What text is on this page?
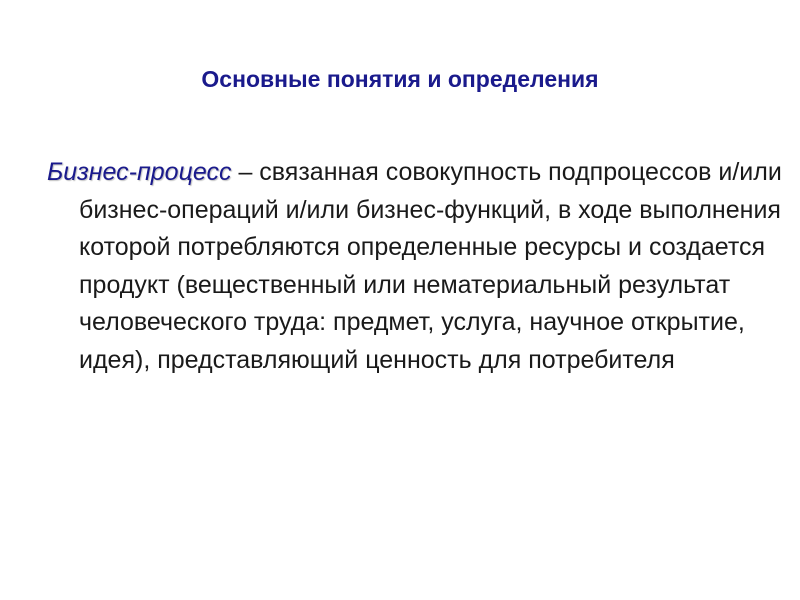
Основные понятия и определения

Бизнес-процесс – связанная совокупность подпроцессов и/или бизнес-операций и/или бизнес-функций, в ходе выполнения которой потребляются определенные ресурсы и создается продукт (вещественный или нематериальный результат человеческого труда: предмет, услуга, научное открытие, идея), представляющий ценность для потребителя
